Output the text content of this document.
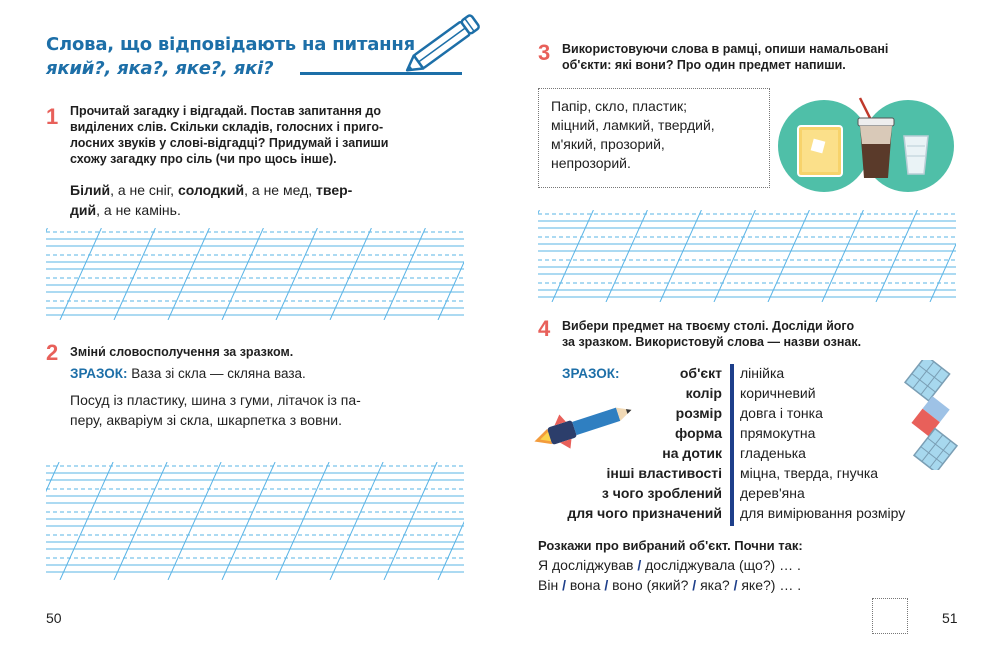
Слова, що відповідають на питання
який?, яка?, яке?, які?
1 Прочитай загадку і відгадай. Постав запитання до
виділених слів. Скільки складів, голосних і приго-
лосних звуків у слові-відгадці? Придумай і запиши
схожу загадку про сіль (чи про щось інше).
Білий, а не сніг, солодкий, а не мед, твер-
дий, а не камінь.
2 Зміни́ словосполучення за зразком.
ЗРАЗОК: Ваза зі скла — скляна ваза.
Посуд із пластику, шина з гуми, літачок із па-
перу, акваріум зі скла, шкарпетка з вовни.
50
3 Використовуючи слова в рамці, опиши намальовані
об'єкти: які вони? Про один предмет напиши.
Папір, скло, пластик;
міцний, ламкий, твердий,
м'який, прозорий,
непрозорий.
4 Вибери предмет на твоєму столі. Досліди його
за зразком. Використовуй слова — назви ознак.
ЗРАЗОК:	об'єкт лінійка
колір коричневий
розмір довга і тонка
форма прямокутна
на дотик гладенька
інші властивості міцна, тверда, гнучка
з чого зроблений дерев'яна
для чого призначений для вимірювання розміру
Розкажи про вибраний об'єкт. Почни так:
Я досліджував / досліджувала (що?) … .
Він / вона / воно (який? / яка? / яке?) … .
51
